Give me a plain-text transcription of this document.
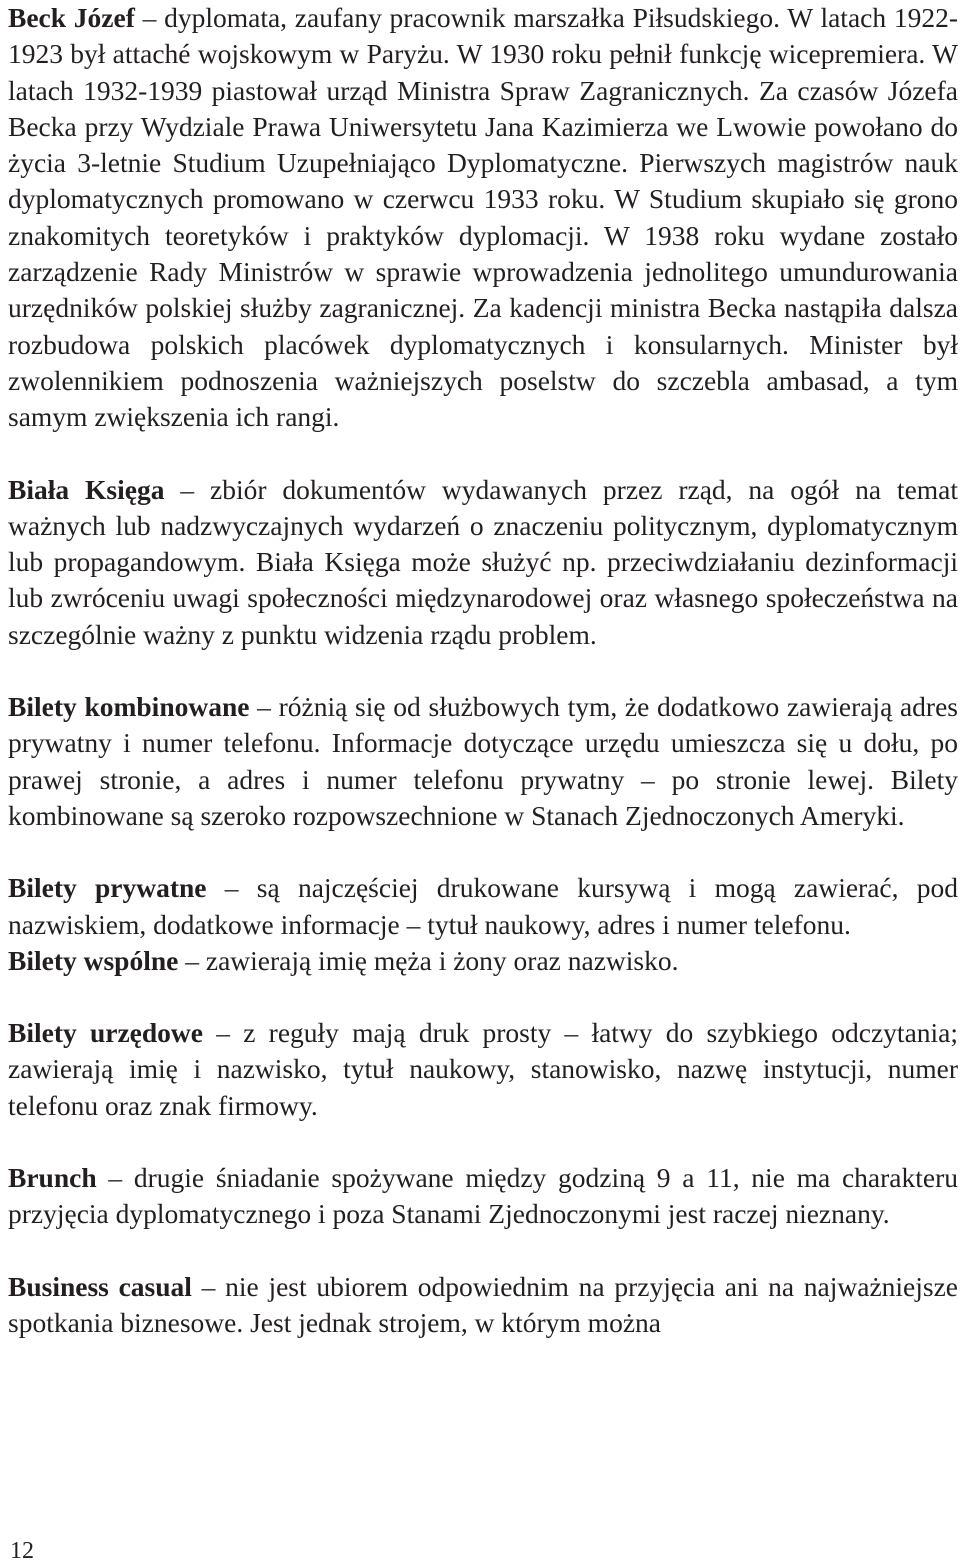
Beck Józef – dyplomata, zaufany pracownik marszałka Piłsudskiego. W latach 1922-1923 był attaché wojskowym w Paryżu. W 1930 roku pełnił funkcję wicepremiera. W latach 1932-1939 piastował urząd Ministra Spraw Zagranicznych. Za czasów Józefa Becka przy Wydziale Prawa Uniwersytetu Jana Kazimierza we Lwowie powołano do życia 3-letnie Studium Uzupełniająco Dyplomatyczne. Pierwszych magistrów nauk dyplomatycznych promowano w czerwcu 1933 roku. W Studium skupiało się grono znakomitych teoretyków i praktyków dyplomacji. W 1938 roku wydane zostało zarządzenie Rady Ministrów w sprawie wprowadzenia jednolitego umundurowania urzędników polskiej służby zagranicznej. Za kadencji ministra Becka nastąpiła dalsza rozbudowa polskich placówek dyplomatycznych i konsularnych. Minister był zwolennikiem podnoszenia ważniejszych poselstw do szczebla ambasad, a tym samym zwiększenia ich rangi.

Biała Księga – zbiór dokumentów wydawanych przez rząd, na ogół na temat ważnych lub nadzwyczajnych wydarzeń o znaczeniu politycznym, dyplomatycznym lub propagandowym. Biała Księga może służyć np. przeciwdziałaniu dezinformacji lub zwróceniu uwagi społeczności międzynarodowej oraz własnego społeczeństwa na szczególnie ważny z punktu widzenia rządu problem.

Bilety kombinowane – różnią się od służbowych tym, że dodatkowo zawierają adres prywatny i numer telefonu. Informacje dotyczące urzędu umieszcza się u dołu, po prawej stronie, a adres i numer telefonu prywatny – po stronie lewej. Bilety kombinowane są szeroko rozpowszechnione w Stanach Zjednoczonych Ameryki.

Bilety prywatne – są najczęściej drukowane kursywą i mogą zawierać, pod nazwiskiem, dodatkowe informacje – tytuł naukowy, adres i numer telefonu.

Bilety wspólne – zawierają imię męża i żony oraz nazwisko.

Bilety urzędowe – z reguły mają druk prosty – łatwy do szybkiego odczytania; zawierają imię i nazwisko, tytuł naukowy, stanowisko, nazwę instytucji, numer telefonu oraz znak firmowy.

Brunch – drugie śniadanie spożywane między godziną 9 a 11, nie ma charakteru przyjęcia dyplomatycznego i poza Stanami Zjednoczonymi jest raczej nieznany.

Business casual – nie jest ubiorem odpowiednim na przyjęcia ani na najważniejsze spotkania biznesowe. Jest jednak strojem, w którym można

12
